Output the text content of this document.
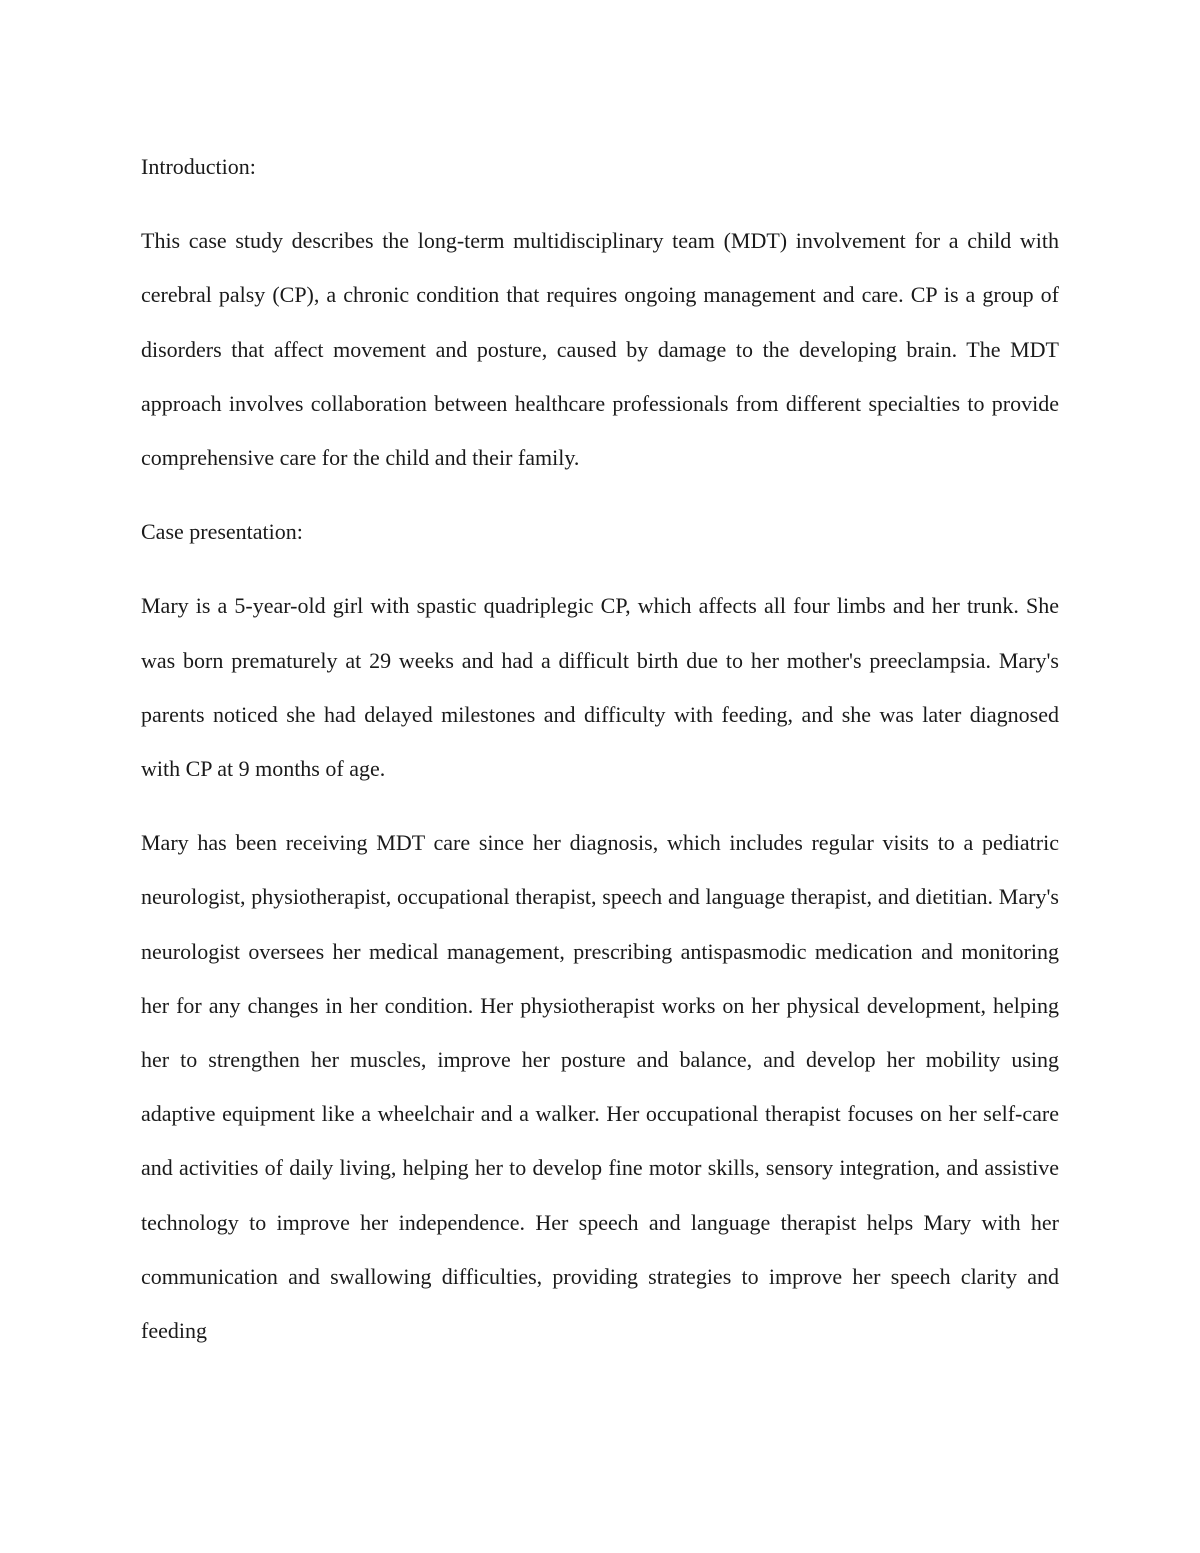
Introduction:

This case study describes the long-term multidisciplinary team (MDT) involvement for a child with cerebral palsy (CP), a chronic condition that requires ongoing management and care. CP is a group of disorders that affect movement and posture, caused by damage to the developing brain. The MDT approach involves collaboration between healthcare professionals from different specialties to provide comprehensive care for the child and their family.

Case presentation:

Mary is a 5-year-old girl with spastic quadriplegic CP, which affects all four limbs and her trunk. She was born prematurely at 29 weeks and had a difficult birth due to her mother's preeclampsia. Mary's parents noticed she had delayed milestones and difficulty with feeding, and she was later diagnosed with CP at 9 months of age.

Mary has been receiving MDT care since her diagnosis, which includes regular visits to a pediatric neurologist, physiotherapist, occupational therapist, speech and language therapist, and dietitian. Mary's neurologist oversees her medical management, prescribing antispasmodic medication and monitoring her for any changes in her condition. Her physiotherapist works on her physical development, helping her to strengthen her muscles, improve her posture and balance, and develop her mobility using adaptive equipment like a wheelchair and a walker. Her occupational therapist focuses on her self-care and activities of daily living, helping her to develop fine motor skills, sensory integration, and assistive technology to improve her independence. Her speech and language therapist helps Mary with her communication and swallowing difficulties, providing strategies to improve her speech clarity and feeding
